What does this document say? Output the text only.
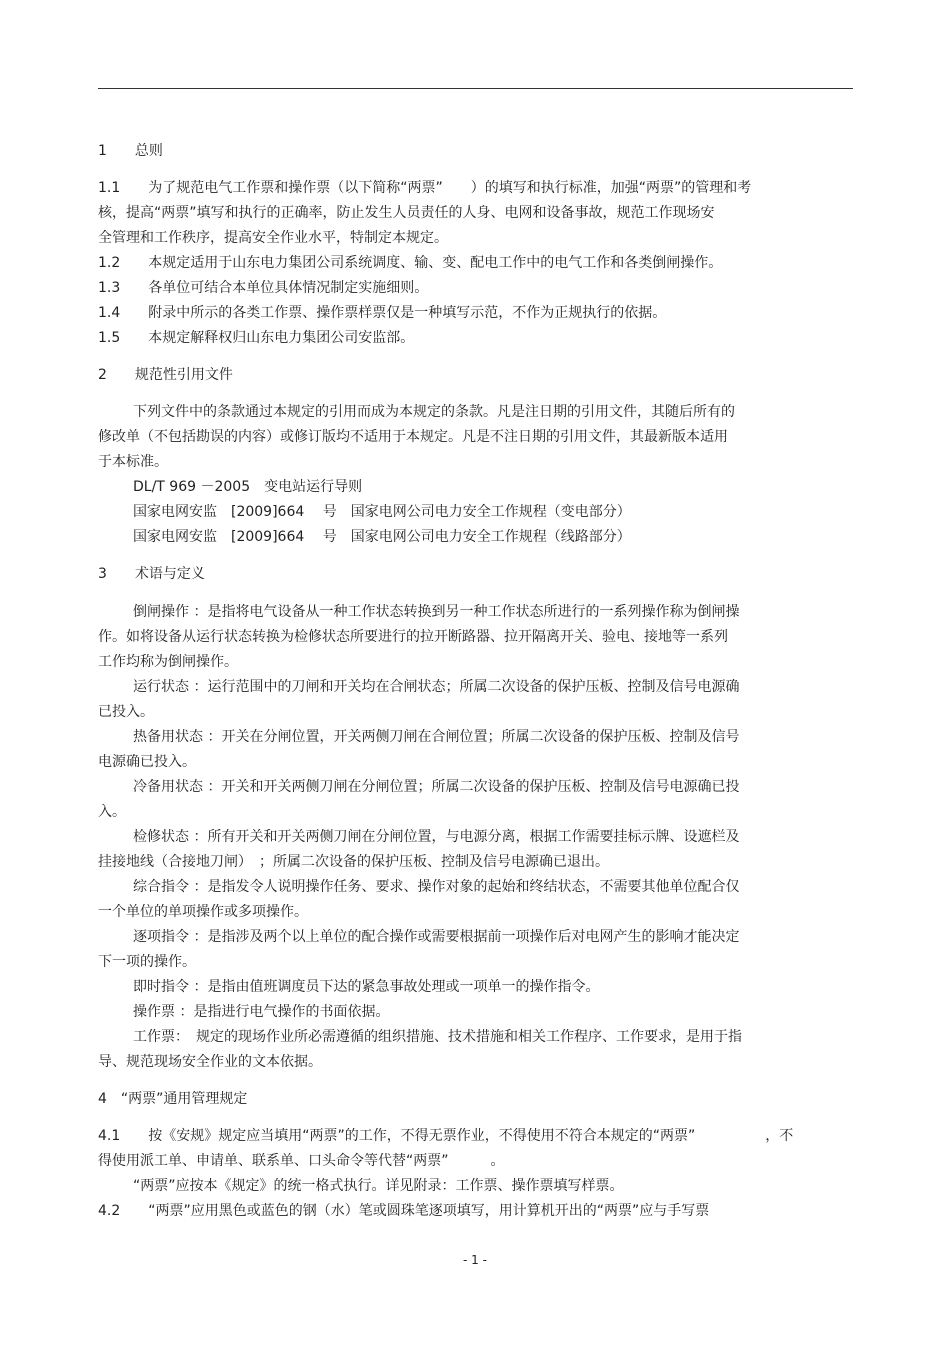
1　　总则
1.1　　为了规范电气工作票和操作票（以下简称“两票”　　）的填写和执行标准，加强“两票”的管理和考
核，提高“两票”填写和执行的正确率，防止发生人员责任的人身、电网和设备事故，规范工作现场安
全管理和工作秩序，提高安全作业水平，特制定本规定。
1.2　　本规定适用于山东电力集团公司系统调度、输、变、配电工作中的电气工作和各类倒闸操作。
1.3　　各单位可结合本单位具体情况制定实施细则。
1.4　　附录中所示的各类工作票、操作票样票仅是一种填写示范，不作为正规执行的依据。
1.5　　本规定解释权归山东电力集团公司安监部。
2　　规范性引用文件
下列文件中的条款通过本规定的引用而成为本规定的条款。凡是注日期的引用文件，其随后所有的
修改单（不包括勘误的内容）或修订版均不适用于本规定。凡是不注日期的引用文件，其最新版本适用
于本标准。
DL/T 969 －2005　变电站运行导则
国家电网安监　[2009]664　 号　国家电网公司电力安全工作规程（变电部分）
国家电网安监　[2009]664　 号　国家电网公司电力安全工作规程（线路部分）
3　　术语与定义
倒闸操作 ：是指将电气设备从一种工作状态转换到另一种工作状态所进行的一系列操作称为倒闸操
作。如将设备从运行状态转换为检修状态所要进行的拉开断路器、拉开隔离开关、验电、接地等一系列
工作均称为倒闸操作。
运行状态 ：运行范围中的刀闸和开关均在合闸状态；所属二次设备的保护压板、控制及信号电源确
已投入。
热备用状态 ：开关在分闸位置，开关两侧刀闸在合闸位置；所属二次设备的保护压板、控制及信号
电源确已投入。
冷备用状态 ：开关和开关两侧刀闸在分闸位置；所属二次设备的保护压板、控制及信号电源确已投
入。
检修状态 ：所有开关和开关两侧刀闸在分闸位置，与电源分离，根据工作需要挂标示牌、设遮栏及
挂接地线（合接地刀闸）　；所属二次设备的保护压板、控制及信号电源确已退出。
综合指令 ：是指发令人说明操作任务、要求、操作对象的起始和终结状态，不需要其他单位配合仅
一个单位的单项操作或多项操作。
逐项指令 ：是指涉及两个以上单位的配合操作或需要根据前一项操作后对电网产生的影响才能决定
下一项的操作。
即时指令 ：是指由值班调度员下达的紧急事故处理或一项单一的操作指令。
操作票 ：是指进行电气操作的书面依据。
工作票：　规定的现场作业所必需遵循的组织措施、技术措施和相关工作程序、工作要求，是用于指
导、规范现场安全作业的文本依据。
4　“两票”通用管理规定
4.1　　按《安规》规定应当填用“两票”的工作，不得无票作业，不得使用不符合本规定的“两票”　　　　　，不
得使用派工单、申请单、联系单、口头命令等代替“两票”　　　。
“两票”应按本《规定》的统一格式执行。详见附录：工作票、操作票填写样票。
4.2　　“两票”应用黑色或蓝色的钢（水）笔或圆珠笔逐项填写，用计算机开出的“两票”应与手写票
- 1 -
